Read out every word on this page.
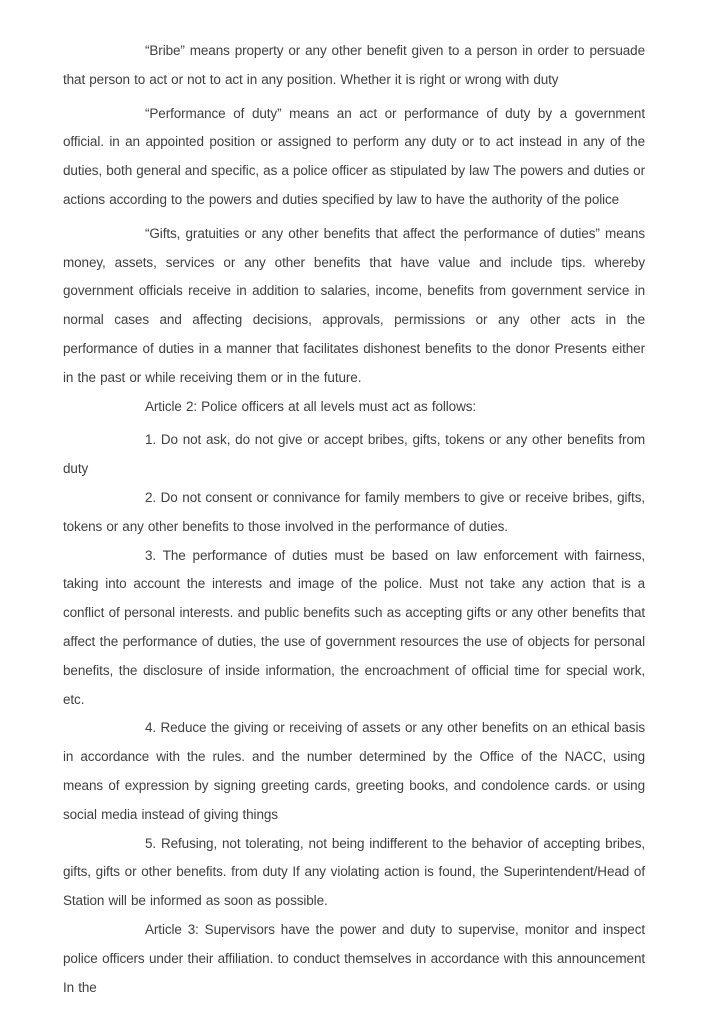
“Bribe” means property or any other benefit given to a person in order to persuade that person to act or not to act in any position. Whether it is right or wrong with duty

“Performance of duty” means an act or performance of duty by a government official. in an appointed position or assigned to perform any duty or to act instead in any of the duties, both general and specific, as a police officer as stipulated by law The powers and duties or actions according to the powers and duties specified by law to have the authority of the police

“Gifts, gratuities or any other benefits that affect the performance of duties” means money, assets, services or any other benefits that have value and include tips. whereby government officials receive in addition to salaries, income, benefits from government service in normal cases and affecting decisions, approvals, permissions or any other acts in the performance of duties in a manner that facilitates dishonest benefits to the donor Presents either in the past or while receiving them or in the future.

Article 2: Police officers at all levels must act as follows:

1. Do not ask, do not give or accept bribes, gifts, tokens or any other benefits from duty

2. Do not consent or connivance for family members to give or receive bribes, gifts, tokens or any other benefits to those involved in the performance of duties.

3. The performance of duties must be based on law enforcement with fairness, taking into account the interests and image of the police. Must not take any action that is a conflict of personal interests. and public benefits such as accepting gifts or any other benefits that affect the performance of duties, the use of government resources the use of objects for personal benefits, the disclosure of inside information, the encroachment of official time for special work, etc.

4. Reduce the giving or receiving of assets or any other benefits on an ethical basis in accordance with the rules. and the number determined by the Office of the NACC, using means of expression by signing greeting cards, greeting books, and condolence cards. or using social media instead of giving things

5. Refusing, not tolerating, not being indifferent to the behavior of accepting bribes, gifts, gifts or other benefits. from duty If any violating action is found, the Superintendent/Head of Station will be informed as soon as possible.

Article 3: Supervisors have the power and duty to supervise, monitor and inspect police officers under their affiliation. to conduct themselves in accordance with this announcement In the
